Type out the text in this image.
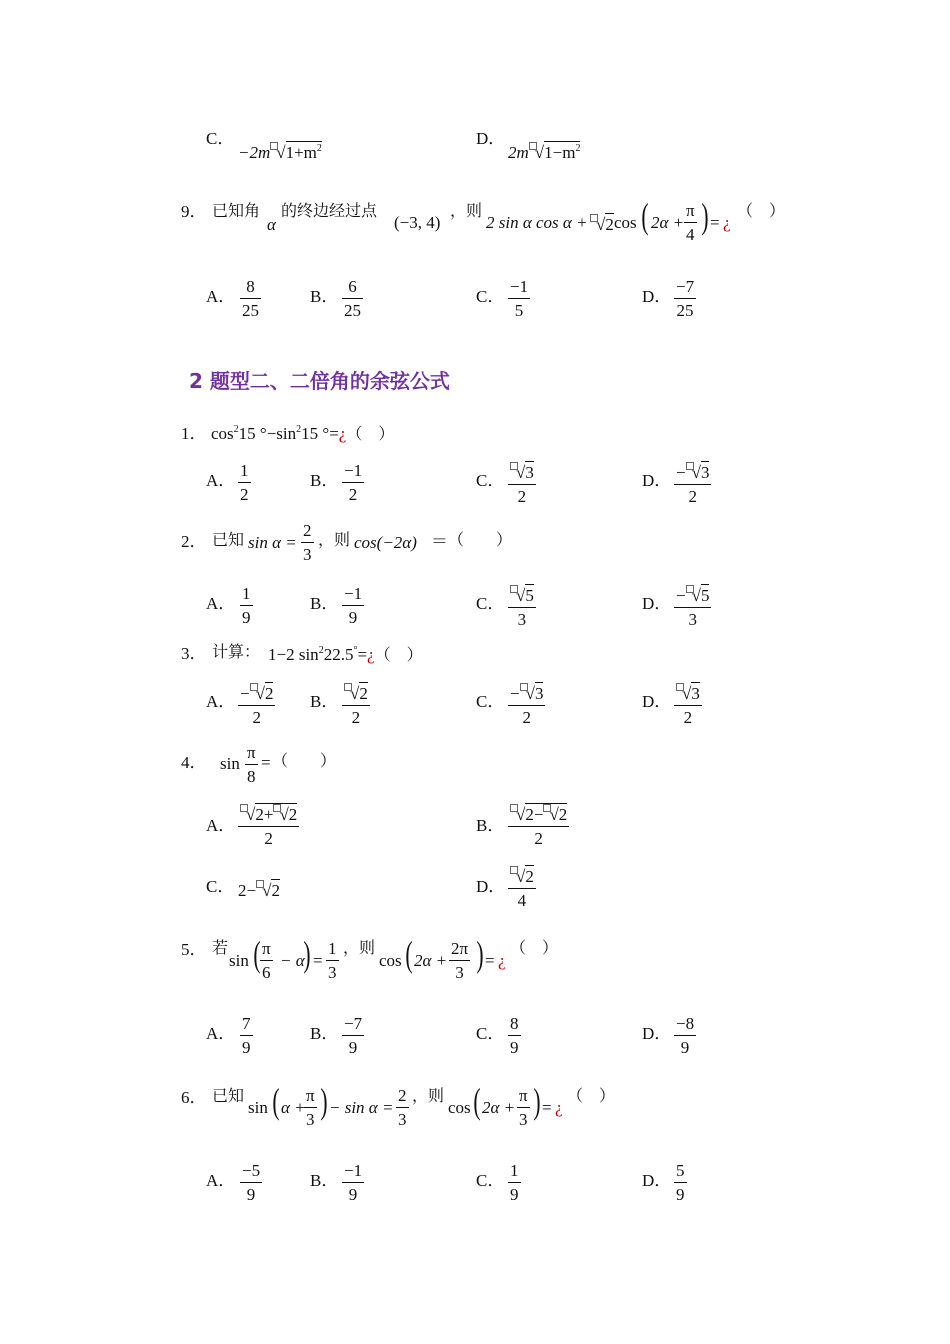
C．
−2m $√1+m^2$
D．
2m $√1-m^2$
9． 已知角
α
的终边经过点
(−3, 4)
，则
2 sin α cos α + √2 cos ( $2\alpha + \frac{\pi}{4}$ ) = ¿
（　）
A． $\frac{8}{25}$	B． $\frac{6}{25}$	C． $\frac{-1}{5}$	D． $\frac{-7}{25}$
2 题型二、二倍角的余弦公式
1． $\cos^215$ $^\circ-\sin^215$ °=¿（　）
A． $\frac{1}{2}$	B． $\frac{-1}{2}$	C． $\frac{√3}{2}$	D． $\frac{- √3}{2}$
2． 已知 $\sin \alpha = \frac{2}{3}$ ，则 cos(−2α) ＝ （　　）
A． $\frac{1}{9}$	B． $\frac{-1}{9}$	C． $\frac{√5}{3}$	D． $\frac{- √5}{3}$
3． 计算： 1−2 $\sin^222.5^\circ=¿$（　）
A． $\frac{- √2}{2}$ B． $\frac{√2}{2}$	C． $\frac{- √3}{2}$	D． $\frac{√3}{2}$
4． $\sin \frac{\pi}{8}$ = （　　）
A． $\frac{√2+ √2}{2}$	B． $\frac{√2- √2}{2}$
C． 2− √2	D． $\frac{√2}{4}$
5． 若
sin ( $\frac{\pi}{6} - \alpha$
) = $\frac{1}{3}$ ，则
cos ( $2\alpha + \frac{2\pi}{3}$ ) = ¿
（　）
A． $\frac{7}{9}$	B． $\frac{-7}{9}$	C． $\frac{8}{9}$	D． $\frac{-8}{9}$
6． 已知
sin ( α +
$\frac{\pi}{3}$ ) − $\sin \alpha = \frac{2}{3}$ ，则
cos ( $2\alpha + \frac{\pi}{3}$ ) = ¿
（　）
A． $\frac{-5}{9}$	B． $\frac{-1}{9}$	C． $\frac{1}{9}$	D． $\frac{5}{9}$
